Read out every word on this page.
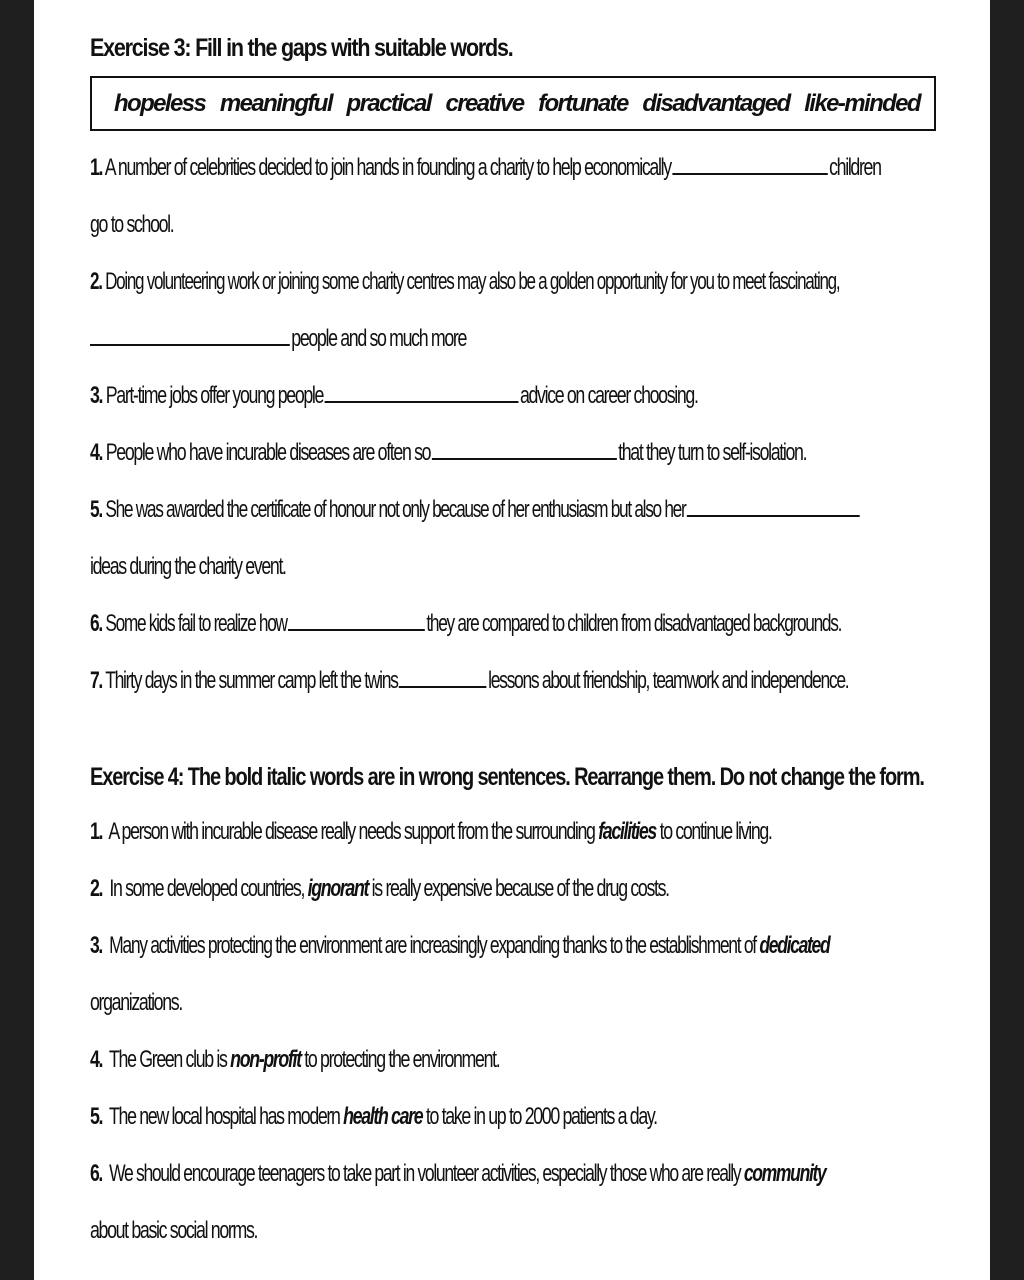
Exercise 3: Fill in the gaps with suitable words.

hopeless meaningful practical creative fortunate disadvantaged like-minded
1. A number of celebrities decided to join hands in founding a charity to help economically	children
go to school.
2. Doing volunteering work or joining some charity centres may also be a golden opportunity for you to meet fascinating,
people and so much more
3. Part-time jobs offer young people	advice on career choosing.
4. People who have incurable diseases are often so	that they turn to self-isolation.
5. She was awarded the certificate of honour not only because of her enthusiasm but also her
ideas during the charity event.
6. Some kids fail to realize how	they are compared to children from disadvantaged backgrounds.
7. Thirty days in the summer camp left the twins	lessons about friendship, teamwork and independence.

Exercise 4: The bold italic words are in wrong sentences. Rearrange them. Do not change the form.

1. A person with incurable disease really needs support from the surrounding facilities to continue living.
2. In some developed countries, ignorant is really expensive because of the drug costs.
3. Many activities protecting the environment are increasingly expanding thanks to the establishment of dedicated
organizations.
4. The Green club is non-profit to protecting the environment.
5. The new local hospital has modern health care to take in up to 2000 patients a day.
6. We should encourage teenagers to take part in volunteer activities, especially those who are really community
about basic social norms.
